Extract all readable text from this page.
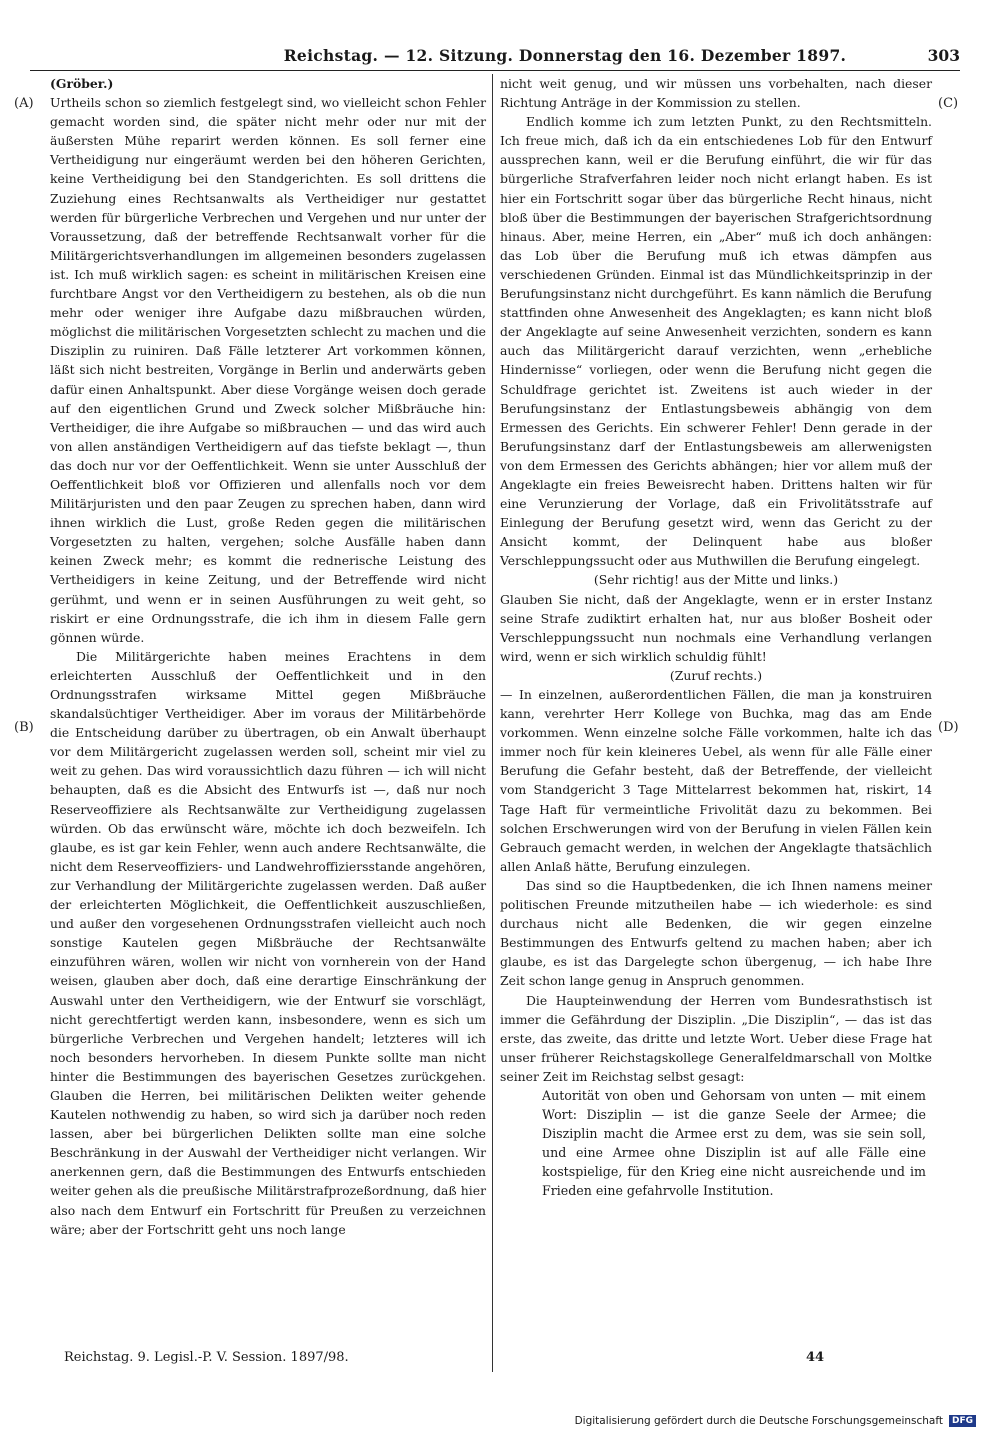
Reichstag. — 12. Sitzung. Donnerstag den 16. Dezember 1897.	303
(A)
(B)
(C)
(D)

(Gröber.)

Urtheils schon so ziemlich festgelegt sind, wo vielleicht schon Fehler gemacht worden sind, die später nicht mehr oder nur mit der äußersten Mühe reparirt werden können. Es soll ferner eine Vertheidigung nur eingeräumt werden bei den höheren Gerichten, keine Vertheidigung bei den Standgerichten. Es soll drittens die Zuziehung eines Rechtsanwalts als Vertheidiger nur gestattet werden für bürgerliche Verbrechen und Vergehen und nur unter der Voraussetzung, daß der betreffende Rechtsanwalt vorher für die Militärgerichtsverhandlungen im allgemeinen besonders zugelassen ist. Ich muß wirklich sagen: es scheint in militärischen Kreisen eine furchtbare Angst vor den Vertheidigern zu bestehen, als ob die nun mehr oder weniger ihre Aufgabe dazu mißbrauchen würden, möglichst die militärischen Vorgesetzten schlecht zu machen und die Disziplin zu ruiniren. Daß Fälle letzterer Art vorkommen können, läßt sich nicht bestreiten, Vorgänge in Berlin und anderwärts geben dafür einen Anhaltspunkt. Aber diese Vorgänge weisen doch gerade auf den eigentlichen Grund und Zweck solcher Mißbräuche hin: Vertheidiger, die ihre Aufgabe so mißbrauchen — und das wird auch von allen anständigen Vertheidigern auf das tiefste beklagt —, thun das doch nur vor der Oeffentlichkeit. Wenn sie unter Ausschluß der Oeffentlichkeit bloß vor Offizieren und allenfalls noch vor dem Militärjuristen und den paar Zeugen zu sprechen haben, dann wird ihnen wirklich die Lust, große Reden gegen die militärischen Vorgesetzten zu halten, vergehen; solche Ausfälle haben dann keinen Zweck mehr; es kommt die rednerische Leistung des Vertheidigers in keine Zeitung, und der Betreffende wird nicht gerühmt, und wenn er in seinen Ausführungen zu weit geht, so riskirt er eine Ordnungsstrafe, die ich ihm in diesem Falle gern gönnen würde.

Die Militärgerichte haben meines Erachtens in dem erleichterten Ausschluß der Oeffentlichkeit und in den Ordnungsstrafen wirksame Mittel gegen Mißbräuche skandalsüchtiger Vertheidiger. Aber im voraus der Militärbehörde die Entscheidung darüber zu übertragen, ob ein Anwalt überhaupt vor dem Militärgericht zugelassen werden soll, scheint mir viel zu weit zu gehen. Das wird voraussichtlich dazu führen — ich will nicht behaupten, daß es die Absicht des Entwurfs ist —, daß nur noch Reserveoffiziere als Rechtsanwälte zur Vertheidigung zugelassen würden. Ob das erwünscht wäre, möchte ich doch bezweifeln. Ich glaube, es ist gar kein Fehler, wenn auch andere Rechtsanwälte, die nicht dem Reserveoffiziers- und Landwehroffiziersstande angehören, zur Verhandlung der Militärgerichte zugelassen werden. Daß außer der erleichterten Möglichkeit, die Oeffentlichkeit auszuschließen, und außer den vorgesehenen Ordnungsstrafen vielleicht auch noch sonstige Kautelen gegen Mißbräuche der Rechtsanwälte einzuführen wären, wollen wir nicht von vornherein von der Hand weisen, glauben aber doch, daß eine derartige Einschränkung der Auswahl unter den Vertheidigern, wie der Entwurf sie vorschlägt, nicht gerechtfertigt werden kann, insbesondere, wenn es sich um bürgerliche Verbrechen und Vergehen handelt; letzteres will ich noch besonders hervorheben. In diesem Punkte sollte man nicht hinter die Bestimmungen des bayerischen Gesetzes zurückgehen. Glauben die Herren, bei militärischen Delikten weiter gehende Kautelen nothwendig zu haben, so wird sich ja darüber noch reden lassen, aber bei bürgerlichen Delikten sollte man eine solche Beschränkung in der Auswahl der Vertheidiger nicht verlangen. Wir anerkennen gern, daß die Bestimmungen des Entwurfs entschieden weiter gehen als die preußische Militärstrafprozeßordnung, daß hier also nach dem Entwurf ein Fortschritt für Preußen zu verzeichnen wäre; aber der Fortschritt geht uns noch lange

nicht weit genug, und wir müssen uns vorbehalten, nach dieser Richtung Anträge in der Kommission zu stellen.

Endlich komme ich zum letzten Punkt, zu den Rechtsmitteln. Ich freue mich, daß ich da ein entschiedenes Lob für den Entwurf aussprechen kann, weil er die Berufung einführt, die wir für das bürgerliche Strafverfahren leider noch nicht erlangt haben. Es ist hier ein Fortschritt sogar über das bürgerliche Recht hinaus, nicht bloß über die Bestimmungen der bayerischen Strafgerichtsordnung hinaus. Aber, meine Herren, ein „Aber“ muß ich doch anhängen: das Lob über die Berufung muß ich etwas dämpfen aus verschiedenen Gründen. Einmal ist das Mündlichkeitsprinzip in der Berufungsinstanz nicht durchgeführt. Es kann nämlich die Berufung stattfinden ohne Anwesenheit des Angeklagten; es kann nicht bloß der Angeklagte auf seine Anwesenheit verzichten, sondern es kann auch das Militärgericht darauf verzichten, wenn „erhebliche Hindernisse“ vorliegen, oder wenn die Berufung nicht gegen die Schuldfrage gerichtet ist. Zweitens ist auch wieder in der Berufungsinstanz der Entlastungsbeweis abhängig von dem Ermessen des Gerichts. Ein schwerer Fehler! Denn gerade in der Berufungsinstanz darf der Entlastungsbeweis am allerwenigsten von dem Ermessen des Gerichts abhängen; hier vor allem muß der Angeklagte ein freies Beweisrecht haben. Drittens halten wir für eine Verunzierung der Vorlage, daß ein Frivolitätsstrafe auf Einlegung der Berufung gesetzt wird, wenn das Gericht zu der Ansicht kommt, der Delinquent habe aus bloßer Verschleppungssucht oder aus Muthwillen die Berufung eingelegt.

(Sehr richtig! aus der Mitte und links.)

Glauben Sie nicht, daß der Angeklagte, wenn er in erster Instanz seine Strafe zudiktirt erhalten hat, nur aus bloßer Bosheit oder Verschleppungssucht nun nochmals eine Verhandlung verlangen wird, wenn er sich wirklich schuldig fühlt!

(Zuruf rechts.)

— In einzelnen, außerordentlichen Fällen, die man ja konstruiren kann, verehrter Herr Kollege von Buchka, mag das am Ende vorkommen. Wenn einzelne solche Fälle vorkommen, halte ich das immer noch für kein kleineres Uebel, als wenn für alle Fälle einer Berufung die Gefahr besteht, daß der Betreffende, der vielleicht vom Standgericht 3 Tage Mittelarrest bekommen hat, riskirt, 14 Tage Haft für vermeintliche Frivolität dazu zu bekommen. Bei solchen Erschwerungen wird von der Berufung in vielen Fällen kein Gebrauch gemacht werden, in welchen der Angeklagte thatsächlich allen Anlaß hätte, Berufung einzulegen.

Das sind so die Hauptbedenken, die ich Ihnen namens meiner politischen Freunde mitzutheilen habe — ich wiederhole: es sind durchaus nicht alle Bedenken, die wir gegen einzelne Bestimmungen des Entwurfs geltend zu machen haben; aber ich glaube, es ist das Dargelegte schon übergenug, — ich habe Ihre Zeit schon lange genug in Anspruch genommen.

Die Haupteinwendung der Herren vom Bundesrathstisch ist immer die Gefährdung der Disziplin. „Die Disziplin“, — das ist das erste, das zweite, das dritte und letzte Wort. Ueber diese Frage hat unser früherer Reichstagskollege Generalfeldmarschall von Moltke seiner Zeit im Reichstag selbst gesagt:

Autorität von oben und Gehorsam von unten — mit einem Wort: Disziplin — ist die ganze Seele der Armee; die Disziplin macht die Armee erst zu dem, was sie sein soll, und eine Armee ohne Disziplin ist auf alle Fälle eine kostspielige, für den Krieg eine nicht ausreichende und im Frieden eine gefahrvolle Institution.

Reichstag. 9. Legisl.-P. V. Session. 1897/98.	44
Digitalisierung gefördert durch die Deutsche Forschungsgemeinschaft	DFG
